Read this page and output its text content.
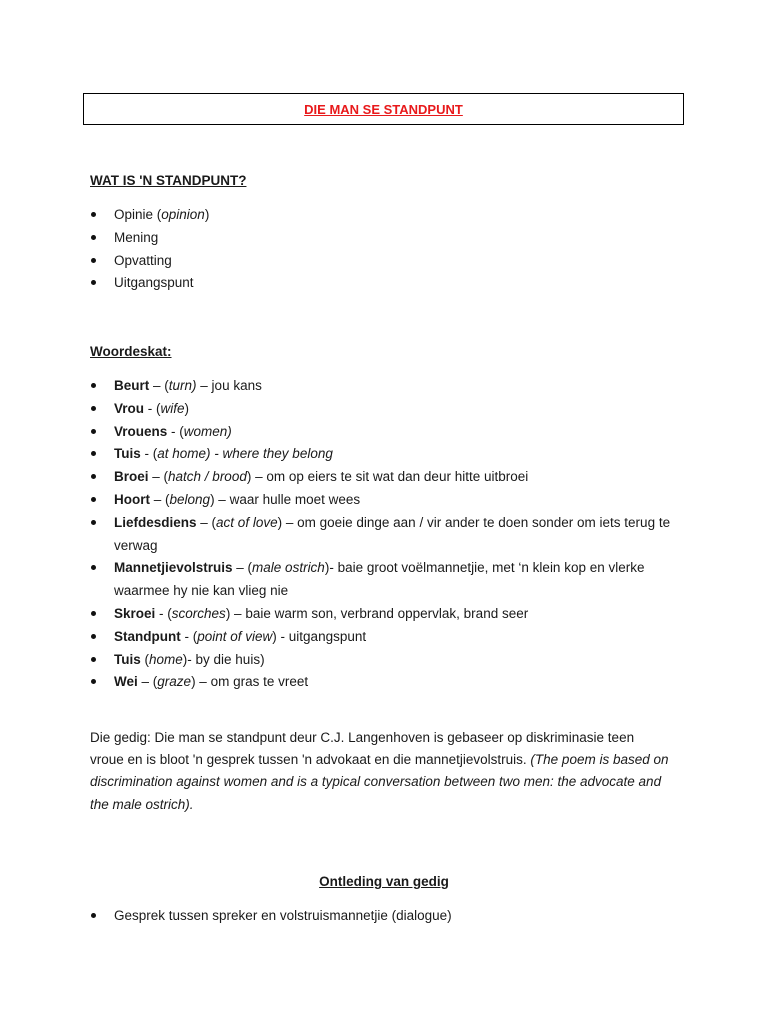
DIE MAN SE STANDPUNT
WAT IS 'N STANDPUNT?
Opinie (opinion)
Mening
Opvatting
Uitgangspunt
Woordeskat:
Beurt – (turn) – jou kans
Vrou - (wife)
Vrouens - (women)
Tuis - (at home) - where they belong
Broei – (hatch / brood) – om op eiers te sit wat dan deur hitte uitbroei
Hoort – (belong) – waar hulle moet wees
Liefdesdiens – (act of love) – om goeie dinge aan / vir ander te doen sonder om iets terug te verwag
Mannetjievolstruis – (male ostrich)- baie groot voëlmannetjie, met ‘n klein kop en vlerke waarmee hy nie kan vlieg nie
Skroei - (scorches) – baie warm son, verbrand oppervlak, brand seer
Standpunt - (point of view) - uitgangspunt
Tuis (home)- by die huis)
Wei – (graze) – om gras te vreet

Die gedig: Die man se standpunt deur C.J. Langenhoven is gebaseer op diskriminasie teen vroue en is bloot 'n gesprek tussen 'n advokaat en die mannetjievolstruis. (The poem is based on discrimination against women and is a typical conversation between two men: the advocate and the male ostrich).

Ontleding van gedig
Gesprek tussen spreker en volstruismannetjie (dialogue)
